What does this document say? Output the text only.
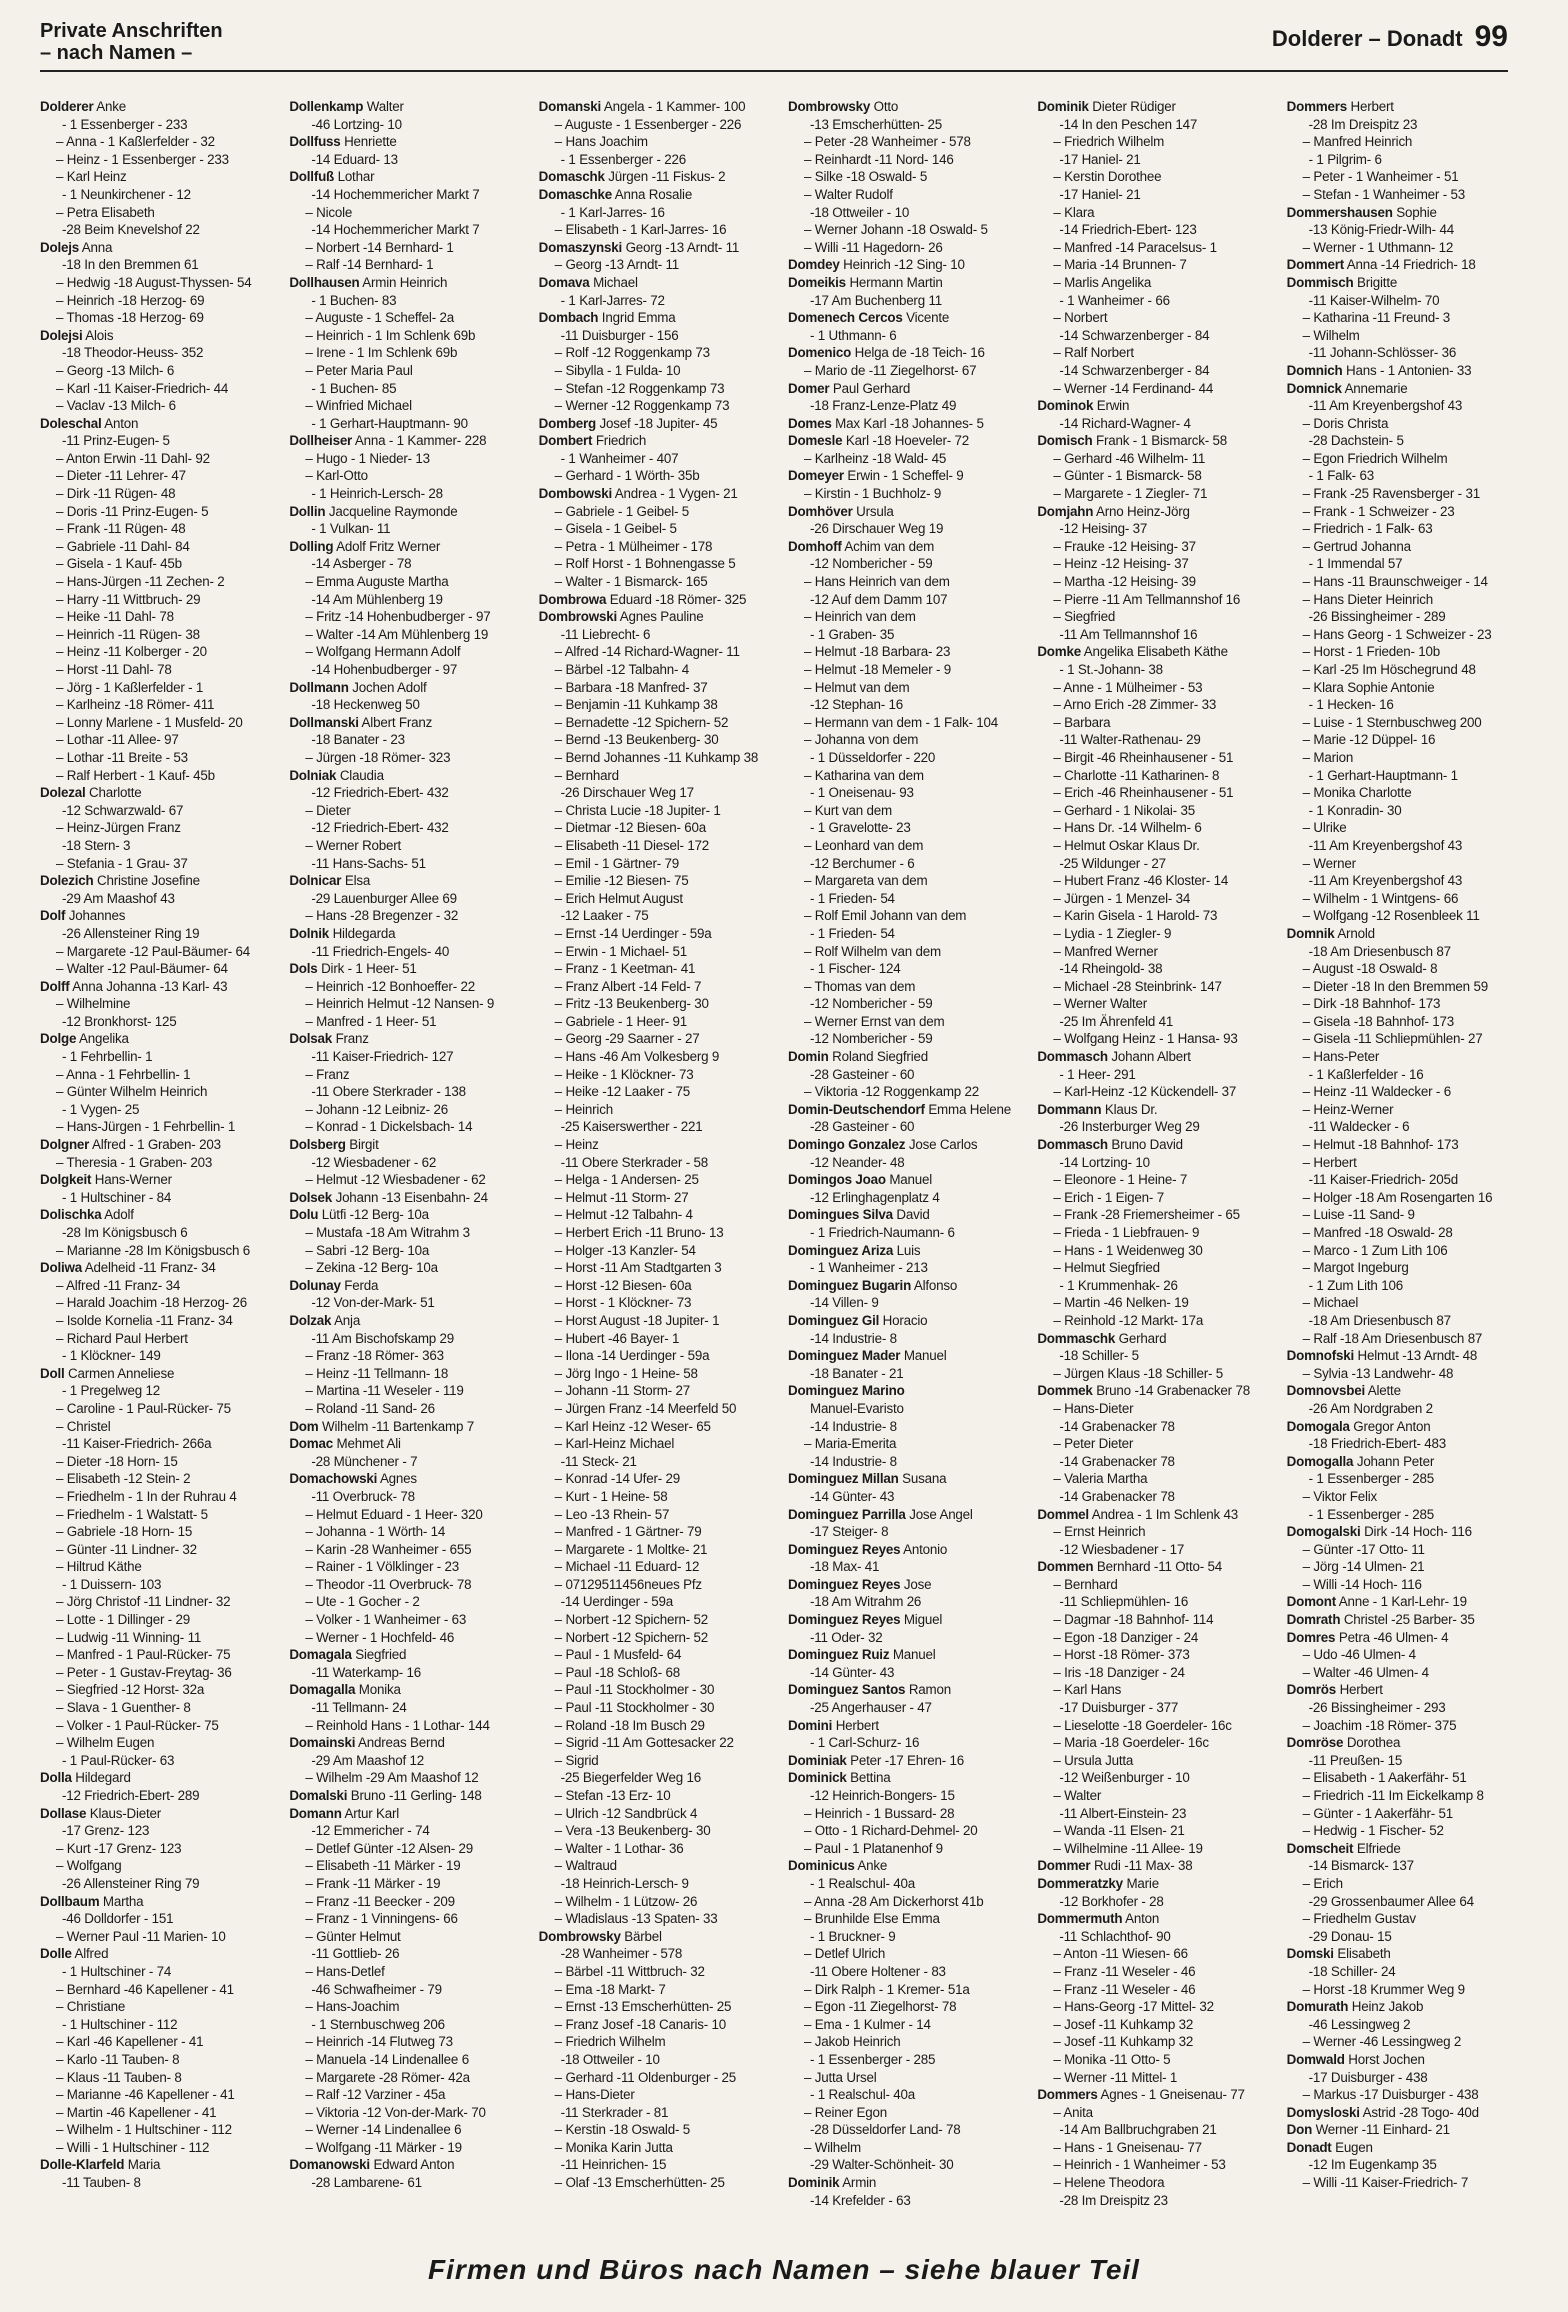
Private Anschriften
– nach Namen –
Dolderer – Donadt 99
Dolderer Anke
- 1 Essenberger - 233
– Anna - 1 Kaßlerfelder - 32
– Heinz - 1 Essenberger - 233
– Karl Heinz
- 1 Neunkirchener - 12
– Petra Elisabeth
-28 Beim Knevelshof 22
Dolejs Anna
-18 In den Bremmen 61
– Hedwig -18 August-Thyssen- 54
– Heinrich -18 Herzog- 69
– Thomas -18 Herzog- 69
Dolejsi Alois
-18 Theodor-Heuss- 352
– Georg -13 Milch- 6
– Karl -11 Kaiser-Friedrich- 44
– Vaclav -13 Milch- 6
Doleschal Anton
-11 Prinz-Eugen- 5
– Anton Erwin -11 Dahl- 92
– Dieter -11 Lehrer- 47
– Dirk -11 Rügen- 48
– Doris -11 Prinz-Eugen- 5
– Frank -11 Rügen- 48
– Gabriele -11 Dahl- 84
– Gisela - 1 Kauf- 45b
– Hans-Jürgen -11 Zechen- 2
– Harry -11 Wittbruch- 29
– Heike -11 Dahl- 78
– Heinrich -11 Rügen- 38
– Heinz -11 Kolberger - 20
– Horst -11 Dahl- 78
– Jörg - 1 Kaßlerfelder - 1
– Karlheinz -18 Römer- 411
– Lonny Marlene - 1 Musfeld- 20
– Lothar -11 Allee- 97
– Lothar -11 Breite - 53
– Ralf Herbert - 1 Kauf- 45b
Dolezal Charlotte
-12 Schwarzwald- 67
– Heinz-Jürgen Franz
-18 Stern- 3
– Stefania - 1 Grau- 37
Dolezich Christine Josefine
-29 Am Maashof 43
Dolf Johannes
-26 Allensteiner Ring 19
– Margarete -12 Paul-Bäumer- 64
– Walter -12 Paul-Bäumer- 64
Dolff Anna Johanna -13 Karl- 43
– Wilhelmine
-12 Bronkhorst- 125
Dolge Angelika
- 1 Fehrbellin- 1
– Anna - 1 Fehrbellin- 1
– Günter Wilhelm Heinrich
- 1 Vygen- 25
– Hans-Jürgen - 1 Fehrbellin- 1
Dolgner Alfred - 1 Graben- 203
– Theresia - 1 Graben- 203
Dolgkeit Hans-Werner
- 1 Hultschiner - 84
Dolischka Adolf
-28 Im Königsbusch 6
– Marianne -28 Im Königsbusch 6
Doliwa Adelheid -11 Franz- 34
– Alfred -11 Franz- 34
– Harald Joachim -18 Herzog- 26
– Isolde Kornelia -11 Franz- 34
– Richard Paul Herbert
- 1 Klöckner- 149
Doll Carmen Anneliese
- 1 Pregelweg 12
– Caroline - 1 Paul-Rücker- 75
– Christel
-11 Kaiser-Friedrich- 266a
– Dieter -18 Horn- 15
– Elisabeth -12 Stein- 2
– Friedhelm - 1 In der Ruhrau 4
– Friedhelm - 1 Walstatt- 5
– Gabriele -18 Horn- 15
– Günter -11 Lindner- 32
– Hiltrud Käthe
- 1 Duissern- 103
– Jörg Christof -11 Lindner- 32
– Lotte - 1 Dillinger - 29
– Ludwig -11 Winning- 11
– Manfred - 1 Paul-Rücker- 75
– Peter - 1 Gustav-Freytag- 36
– Siegfried -12 Horst- 32a
– Slava - 1 Guenther- 8
– Volker - 1 Paul-Rücker- 75
– Wilhelm Eugen
- 1 Paul-Rücker- 63
Dolla Hildegard
-12 Friedrich-Ebert- 289
Dollase Klaus-Dieter
-17 Grenz- 123
– Kurt -17 Grenz- 123
– Wolfgang
-26 Allensteiner Ring 79
Dollbaum Martha
-46 Dolldorfer - 151
– Werner Paul -11 Marien- 10
Dolle Alfred
- 1 Hultschiner - 74
– Bernhard -46 Kapellener - 41
– Christiane
- 1 Hultschiner - 112
– Karl -46 Kapellener - 41
– Karlo -11 Tauben- 8
– Klaus -11 Tauben- 8
– Marianne -46 Kapellener - 41
– Martin -46 Kapellener - 41
– Wilhelm - 1 Hultschiner - 112
– Willi - 1 Hultschiner - 112
Dolle-Klarfeld Maria
-11 Tauben- 8
Dollenkamp Walter
-46 Lortzing- 10
Dollfuss Henriette
-14 Eduard- 13
Dollfuß Lothar
-14 Hochemmericher Markt 7
– Nicole
-14 Hochemmericher Markt 7
– Norbert -14 Bernhard- 1
– Ralf -14 Bernhard- 1
Dollhausen Armin Heinrich
- 1 Buchen- 83
– Auguste - 1 Scheffel- 2a
– Heinrich - 1 Im Schlenk 69b
– Irene - 1 Im Schlenk 69b
– Peter Maria Paul
- 1 Buchen- 85
– Winfried Michael
- 1 Gerhart-Hauptmann- 90
Dollheiser Anna - 1 Kammer- 228
– Hugo - 1 Nieder- 13
– Karl-Otto
- 1 Heinrich-Lersch- 28
Dollin Jacqueline Raymonde
- 1 Vulkan- 11
Dolling Adolf Fritz Werner
-14 Asberger - 78
– Emma Auguste Martha
-14 Am Mühlenberg 19
– Fritz -14 Hohenbudberger - 97
– Walter -14 Am Mühlenberg 19
– Wolfgang Hermann Adolf
-14 Hohenbudberger - 97
Dollmann Jochen Adolf
-18 Heckenweg 50
Dollmanski Albert Franz
-18 Banater - 23
– Jürgen -18 Römer- 323
Dolniak Claudia
-12 Friedrich-Ebert- 432
– Dieter
-12 Friedrich-Ebert- 432
– Werner Robert
-11 Hans-Sachs- 51
Dolnicar Elsa
-29 Lauenburger Allee 69
– Hans -28 Bregenzer - 32
Dolnik Hildegarda
-11 Friedrich-Engels- 40
Dols Dirk - 1 Heer- 51
– Heinrich -12 Bonhoeffer- 22
– Heinrich Helmut -12 Nansen- 9
– Manfred - 1 Heer- 51
Dolsak Franz
-11 Kaiser-Friedrich- 127
– Franz
-11 Obere Sterkrader - 138
– Johann -12 Leibniz- 26
– Konrad - 1 Dickelsbach- 14
Dolsberg Birgit
-12 Wiesbadener - 62
– Helmut -12 Wiesbadener - 62
Dolsek Johann -13 Eisenbahn- 24
Dolu Lütfi -12 Berg- 10a
– Mustafa -18 Am Witrahm 3
– Sabri -12 Berg- 10a
– Zekina -12 Berg- 10a
Dolunay Ferda
-12 Von-der-Mark- 51
Dolzak Anja
-11 Am Bischofskamp 29
– Franz -18 Römer- 363
– Heinz -11 Tellmann- 18
– Martina -11 Weseler - 119
– Roland -11 Sand- 26
Dom Wilhelm -11 Bartenkamp 7
Domac Mehmet Ali
-28 Münchener - 7
Domachowski Agnes
-11 Overbruck- 78
– Helmut Eduard - 1 Heer- 320
– Johanna - 1 Wörth- 14
– Karin -28 Wanheimer - 655
– Rainer - 1 Völklinger - 23
– Theodor -11 Overbruck- 78
– Ute - 1 Gocher - 2
– Volker - 1 Wanheimer - 63
– Werner - 1 Hochfeld- 46
Domagala Siegfried
-11 Waterkamp- 16
Domagalla Monika
-11 Tellmann- 24
– Reinhold Hans - 1 Lothar- 144
Domainski Andreas Bernd
-29 Am Maashof 12
– Wilhelm -29 Am Maashof 12
Domalski Bruno -11 Gerling- 148
Domann Artur Karl
-12 Emmericher - 74
– Detlef Günter -12 Alsen- 29
– Elisabeth -11 Märker - 19
– Frank -11 Märker - 19
– Franz -11 Beecker - 209
– Franz - 1 Vinningens- 66
– Günter Helmut
-11 Gottlieb- 26
– Hans-Detlef
-46 Schwafheimer - 79
– Hans-Joachim
- 1 Sternbuschweg 206
– Heinrich -14 Flutweg 73
– Manuela -14 Lindenallee 6
– Margarete -28 Römer- 42a
– Ralf -12 Varziner - 45a
– Viktoria -12 Von-der-Mark- 70
– Werner -14 Lindenallee 6
– Wolfgang -11 Märker - 19
Domanowski Edward Anton
-28 Lambarene- 61
Domanski Angela - 1 Kammer- 100
– Auguste - 1 Essenberger - 226
– Hans Joachim
- 1 Essenberger - 226
Domaschk Jürgen -11 Fiskus- 2
Domaschke Anna Rosalie
- 1 Karl-Jarres- 16
– Elisabeth - 1 Karl-Jarres- 16
Domaszynski Georg -13 Arndt- 11
– Georg -13 Arndt- 11
Domava Michael
- 1 Karl-Jarres- 72
Dombach Ingrid Emma
-11 Duisburger - 156
– Rolf -12 Roggenkamp 73
– Sibylla - 1 Fulda- 10
– Stefan -12 Roggenkamp 73
– Werner -12 Roggenkamp 73
Domberg Josef -18 Jupiter- 45
Dombert Friedrich
- 1 Wanheimer - 407
– Gerhard - 1 Wörth- 35b
Dombowski Andrea - 1 Vygen- 21
– Gabriele - 1 Geibel- 5
– Gisela - 1 Geibel- 5
– Petra - 1 Mülheimer - 178
– Rolf Horst - 1 Bohnengasse 5
– Walter - 1 Bismarck- 165
Dombrowa Eduard -18 Römer- 325
Dombrowski Agnes Pauline
-11 Liebrecht- 6
– Alfred -14 Richard-Wagner- 11
– Bärbel -12 Talbahn- 4
– Barbara -18 Manfred- 37
– Benjamin -11 Kuhkamp 38
– Bernadette -12 Spichern- 52
– Bernd -13 Beukenberg- 30
– Bernd Johannes -11 Kuhkamp 38
– Bernhard
-26 Dirschauer Weg 17
– Christa Lucie -18 Jupiter- 1
– Dietmar -12 Biesen- 60a
– Elisabeth -11 Diesel- 172
– Emil - 1 Gärtner- 79
– Emilie -12 Biesen- 75
– Erich Helmut August
-12 Laaker - 75
– Ernst -14 Uerdinger - 59a
– Erwin - 1 Michael- 51
– Franz - 1 Keetman- 41
– Franz Albert -14 Feld- 7
– Fritz -13 Beukenberg- 30
– Gabriele - 1 Heer- 91
– Georg -29 Saarner - 27
– Hans -46 Am Volkesberg 9
– Heike - 1 Klöckner- 73
– Heike -12 Laaker - 75
– Heinrich
-25 Kaiserswerther - 221
– Heinz
-11 Obere Sterkrader - 58
– Helga - 1 Andersen- 25
– Helmut -11 Storm- 27
– Helmut -12 Talbahn- 4
– Herbert Erich -11 Bruno- 13
– Holger -13 Kanzler- 54
– Horst -11 Am Stadtgarten 3
– Horst -12 Biesen- 60a
– Horst - 1 Klöckner- 73
– Horst August -18 Jupiter- 1
– Hubert -46 Bayer- 1
– Ilona -14 Uerdinger - 59a
– Jörg Ingo - 1 Heine- 58
– Johann -11 Storm- 27
– Jürgen Franz -14 Meerfeld 50
– Karl Heinz -12 Weser- 65
– Karl-Heinz Michael
-11 Steck- 21
– Konrad -14 Ufer- 29
– Kurt - 1 Heine- 58
– Leo -13 Rhein- 57
– Manfred - 1 Gärtner- 79
– Margarete - 1 Moltke- 21
– Michael -11 Eduard- 12
– 07129511456neues Pfz
-14 Uerdinger - 59a
– Norbert -12 Spichern- 52
– Norbert -12 Spichern- 52
– Paul - 1 Musfeld- 64
– Paul -18 Schloß- 68
– Paul -11 Stockholmer - 30
– Paul -11 Stockholmer - 30
– Roland -18 Im Busch 29
– Sigrid -11 Am Gottesacker 22
– Sigrid
-25 Biegerfelder Weg 16
– Stefan -13 Erz- 10
– Ulrich -12 Sandbrück 4
– Vera -13 Beukenberg- 30
– Walter - 1 Lothar- 36
– Waltraud
-18 Heinrich-Lersch- 9
– Wilhelm - 1 Lützow- 26
– Wladislaus -13 Spaten- 33
Dombrowsky Bärbel
-28 Wanheimer - 578
– Bärbel -11 Wittbruch- 32
– Ema -18 Markt- 7
– Ernst -13 Emscherhütten- 25
– Franz Josef -18 Canaris- 10
– Friedrich Wilhelm
-18 Ottweiler - 10
– Gerhard -11 Oldenburger - 25
– Hans-Dieter
-11 Sterkrader - 81
– Kerstin -18 Oswald- 5
– Monika Karin Jutta
-11 Heinrichen- 15
– Olaf -13 Emscherhütten- 25
Dombrowsky Otto
-13 Emscherhütten- 25
– Peter -28 Wanheimer - 578
– Reinhardt -11 Nord- 146
– Silke -18 Oswald- 5
– Walter Rudolf
-18 Ottweiler - 10
– Werner Johann -18 Oswald- 5
– Willi -11 Hagedorn- 26
Domdey Heinrich -12 Sing- 10
Domeikis Hermann Martin
-17 Am Buchenberg 11
Domenech Cercos Vicente
- 1 Uthmann- 6
Domenico Helga de -18 Teich- 16
– Mario de -11 Ziegelhorst- 67
Domer Paul Gerhard
-18 Franz-Lenze-Platz 49
Domes Max Karl -18 Johannes- 5
Domesle Karl -18 Hoeveler- 72
– Karlheinz -18 Wald- 45
Domeyer Erwin - 1 Scheffel- 9
– Kirstin - 1 Buchholz- 9
Domhöver Ursula
-26 Dirschauer Weg 19
Domhoff Achim van dem
-12 Nombericher - 59
– Hans Heinrich van dem
-12 Auf dem Damm 107
– Heinrich van dem
- 1 Graben- 35
– Helmut -18 Barbara- 23
– Helmut -18 Memeler - 9
– Helmut van dem
-12 Stephan- 16
– Hermann van dem - 1 Falk- 104
– Johanna von dem
- 1 Düsseldorfer - 220
– Katharina van dem
- 1 Oneisenau- 93
– Kurt van dem
- 1 Gravelotte- 23
– Leonhard van dem
-12 Berchumer - 6
– Margareta van dem
- 1 Frieden- 54
– Rolf Emil Johann van dem
- 1 Frieden- 54
– Rolf Wilhelm van dem
- 1 Fischer- 124
– Thomas van dem
-12 Nombericher - 59
– Werner Ernst van dem
-12 Nombericher - 59
Domin Roland Siegfried
-28 Gasteiner - 60
– Viktoria -12 Roggenkamp 22
Domin-Deutschendorf Emma Helene
-28 Gasteiner - 60
Domingo Gonzalez Jose Carlos
-12 Neander- 48
Domingos Joao Manuel
-12 Erlinghagenplatz 4
Domingues Silva David
- 1 Friedrich-Naumann- 6
Dominguez Ariza Luis
- 1 Wanheimer - 213
Dominguez Bugarin Alfonso
-14 Villen- 9
Dominguez Gil Horacio
-14 Industrie- 8
Dominguez Mader Manuel
-18 Banater - 21
Dominguez Marino
Manuel-Evaristo
-14 Industrie- 8
– Maria-Emerita
-14 Industrie- 8
Dominguez Millan Susana
-14 Günter- 43
Dominguez Parrilla Jose Angel
-17 Steiger- 8
Dominguez Reyes Antonio
-18 Max- 41
Dominguez Reyes Jose
-18 Am Witrahm 26
Dominguez Reyes Miguel
-11 Oder- 32
Dominguez Ruiz Manuel
-14 Günter- 43
Dominguez Santos Ramon
-25 Angerhauser - 47
Domini Herbert
- 1 Carl-Schurz- 16
Dominiak Peter -17 Ehren- 16
Dominick Bettina
-12 Heinrich-Bongers- 15
– Heinrich - 1 Bussard- 28
– Otto - 1 Richard-Dehmel- 20
– Paul - 1 Platanenhof 9
Dominicus Anke
- 1 Realschul- 40a
– Anna -28 Am Dickerhorst 41b
– Brunhilde Else Emma
- 1 Bruckner- 9
– Detlef Ulrich
-11 Obere Holtener - 83
– Dirk Ralph - 1 Kremer- 51a
– Egon -11 Ziegelhorst- 78
– Ema - 1 Kulmer - 14
– Jakob Heinrich
- 1 Essenberger - 285
– Jutta Ursel
- 1 Realschul- 40a
– Reiner Egon
-28 Düsseldorfer Land- 78
– Wilhelm
-29 Walter-Schönheit- 30
Dominik Armin
-14 Krefelder - 63
Dominik Dieter Rüdiger
-14 In den Peschen 147
– Friedrich Wilhelm
-17 Haniel- 21
– Kerstin Dorothee
-17 Haniel- 21
– Klara
-14 Friedrich-Ebert- 123
– Manfred -14 Paracelsus- 1
– Maria -14 Brunnen- 7
– Marlis Angelika
- 1 Wanheimer - 66
– Norbert
-14 Schwarzenberger - 84
– Ralf Norbert
-14 Schwarzenberger - 84
– Werner -14 Ferdinand- 44
Dominok Erwin
-14 Richard-Wagner- 4
Domisch Frank - 1 Bismarck- 58
– Gerhard -46 Wilhelm- 11
– Günter - 1 Bismarck- 58
– Margarete - 1 Ziegler- 71
Domjahn Arno Heinz-Jörg
-12 Heising- 37
– Frauke -12 Heising- 37
– Heinz -12 Heising- 37
– Martha -12 Heising- 39
– Pierre -11 Am Tellmannshof 16
– Siegfried
-11 Am Tellmannshof 16
Domke Angelika Elisabeth Käthe
- 1 St.-Johann- 38
– Anne - 1 Mülheimer - 53
– Arno Erich -28 Zimmer- 33
– Barbara
-11 Walter-Rathenau- 29
– Birgit -46 Rheinhausener - 51
– Charlotte -11 Katharinen- 8
– Erich -46 Rheinhausener - 51
– Gerhard - 1 Nikolai- 35
– Hans Dr. -14 Wilhelm- 6
– Helmut Oskar Klaus Dr.
-25 Wildunger - 27
– Hubert Franz -46 Kloster- 14
– Jürgen - 1 Menzel- 34
– Karin Gisela - 1 Harold- 73
– Lydia - 1 Ziegler- 9
– Manfred Werner
-14 Rheingold- 38
– Michael -28 Steinbrink- 147
– Werner Walter
-25 Im Ährenfeld 41
– Wolfgang Heinz - 1 Hansa- 93
Dommasch Johann Albert
- 1 Heer- 291
– Karl-Heinz -12 Kückendell- 37
Dommann Klaus Dr.
-26 Insterburger Weg 29
Dommasch Bruno David
-14 Lortzing- 10
– Eleonore - 1 Heine- 7
– Erich - 1 Eigen- 7
– Frank -28 Friemersheimer - 65
– Frieda - 1 Liebfrauen- 9
– Hans - 1 Weidenweg 30
– Helmut Siegfried
- 1 Krummenhak- 26
– Martin -46 Nelken- 19
– Reinhold -12 Markt- 17a
Dommaschk Gerhard
-18 Schiller- 5
– Jürgen Klaus -18 Schiller- 5
Dommek Bruno -14 Grabenacker 78
– Hans-Dieter
-14 Grabenacker 78
– Peter Dieter
-14 Grabenacker 78
– Valeria Martha
-14 Grabenacker 78
Dommel Andrea - 1 Im Schlenk 43
– Ernst Heinrich
-12 Wiesbadener - 17
Dommen Bernhard -11 Otto- 54
– Bernhard
-11 Schliepmühlen- 16
– Dagmar -18 Bahnhof- 114
– Egon -18 Danziger - 24
– Horst -18 Römer- 373
– Iris -18 Danziger - 24
– Karl Hans
-17 Duisburger - 377
– Lieselotte -18 Goerdeler- 16c
– Maria -18 Goerdeler- 16c
– Ursula Jutta
-12 Weißenburger - 10
– Walter
-11 Albert-Einstein- 23
– Wanda -11 Elsen- 21
– Wilhelmine -11 Allee- 19
Dommer Rudi -11 Max- 38
Dommeratzky Marie
-12 Borkhofer - 28
Dommermuth Anton
-11 Schlachthof- 90
– Anton -11 Wiesen- 66
– Franz -11 Weseler - 46
– Franz -11 Weseler - 46
– Hans-Georg -17 Mittel- 32
– Josef -11 Kuhkamp 32
– Josef -11 Kuhkamp 32
– Monika -11 Otto- 5
– Werner -11 Mittel- 1
Dommers Agnes - 1 Gneisenau- 77
– Anita
-14 Am Ballbruchgraben 21
– Hans - 1 Gneisenau- 77
– Heinrich - 1 Wanheimer - 53
– Helene Theodora
-28 Im Dreispitz 23
Dommers Herbert
-28 Im Dreispitz 23
– Manfred Heinrich
- 1 Pilgrim- 6
– Peter - 1 Wanheimer - 51
– Stefan - 1 Wanheimer - 53
Dommershausen Sophie
-13 König-Friedr-Wilh- 44
– Werner - 1 Uthmann- 12
Dommert Anna -14 Friedrich- 18
Dommisch Brigitte
-11 Kaiser-Wilhelm- 70
– Katharina -11 Freund- 3
– Wilhelm
-11 Johann-Schlösser- 36
Domnich Hans - 1 Antonien- 33
Domnick Annemarie
-11 Am Kreyenbergshof 43
– Doris Christa
-28 Dachstein- 5
– Egon Friedrich Wilhelm
- 1 Falk- 63
– Frank -25 Ravensberger - 31
– Frank - 1 Schweizer - 23
– Friedrich - 1 Falk- 63
– Gertrud Johanna
- 1 Immendal 57
– Hans -11 Braunschweiger - 14
– Hans Dieter Heinrich
-26 Bissingheimer - 289
– Hans Georg - 1 Schweizer - 23
– Horst - 1 Frieden- 10b
– Karl -25 Im Höschegrund 48
– Klara Sophie Antonie
- 1 Hecken- 16
– Luise - 1 Sternbuschweg 200
– Marie -12 Düppel- 16
– Marion
- 1 Gerhart-Hauptmann- 1
– Monika Charlotte
- 1 Konradin- 30
– Ulrike
-11 Am Kreyenbergshof 43
– Werner
-11 Am Kreyenbergshof 43
– Wilhelm - 1 Wintgens- 66
– Wolfgang -12 Rosenbleek 11
Domnik Arnold
-18 Am Driesenbusch 87
– August -18 Oswald- 8
– Dieter -18 In den Bremmen 59
– Dirk -18 Bahnhof- 173
– Gisela -18 Bahnhof- 173
– Gisela -11 Schliepmühlen- 27
– Hans-Peter
- 1 Kaßlerfelder - 16
– Heinz -11 Waldecker - 6
– Heinz-Werner
-11 Waldecker - 6
– Helmut -18 Bahnhof- 173
– Herbert
-11 Kaiser-Friedrich- 205d
– Holger -18 Am Rosengarten 16
– Luise -11 Sand- 9
– Manfred -18 Oswald- 28
– Marco - 1 Zum Lith 106
– Margot Ingeburg
- 1 Zum Lith 106
– Michael
-18 Am Driesenbusch 87
– Ralf -18 Am Driesenbusch 87
Domnofski Helmut -13 Arndt- 48
– Sylvia -13 Landwehr- 48
Domnovsbei Alette
-26 Am Nordgraben 2
Domogala Gregor Anton
-18 Friedrich-Ebert- 483
Domogalla Johann Peter
- 1 Essenberger - 285
– Viktor Felix
- 1 Essenberger - 285
Domogalski Dirk -14 Hoch- 116
– Günter -17 Otto- 11
– Jörg -14 Ulmen- 21
– Willi -14 Hoch- 116
Domont Anne - 1 Karl-Lehr- 19
Domrath Christel -25 Barber- 35
Domres Petra -46 Ulmen- 4
– Udo -46 Ulmen- 4
– Walter -46 Ulmen- 4
Domrös Herbert
-26 Bissingheimer - 293
– Joachim -18 Römer- 375
Domröse Dorothea
-11 Preußen- 15
– Elisabeth - 1 Aakerfähr- 51
– Friedrich -11 Im Eickelkamp 8
– Günter - 1 Aakerfähr- 51
– Hedwig - 1 Fischer- 52
Domscheit Elfriede
-14 Bismarck- 137
– Erich
-29 Grossenbaumer Allee 64
– Friedhelm Gustav
-29 Donau- 15
Domski Elisabeth
-18 Schiller- 24
– Horst -18 Krummer Weg 9
Domurath Heinz Jakob
-46 Lessingweg 2
– Werner -46 Lessingweg 2
Domwald Horst Jochen
-17 Duisburger - 438
– Markus -17 Duisburger - 438
Domysloski Astrid -28 Togo- 40d
Don Werner -11 Einhard- 21
Donadt Eugen
-12 Im Eugenkamp 35
– Willi -11 Kaiser-Friedrich- 7
Firmen und Büros nach Namen – siehe blauer Teil
